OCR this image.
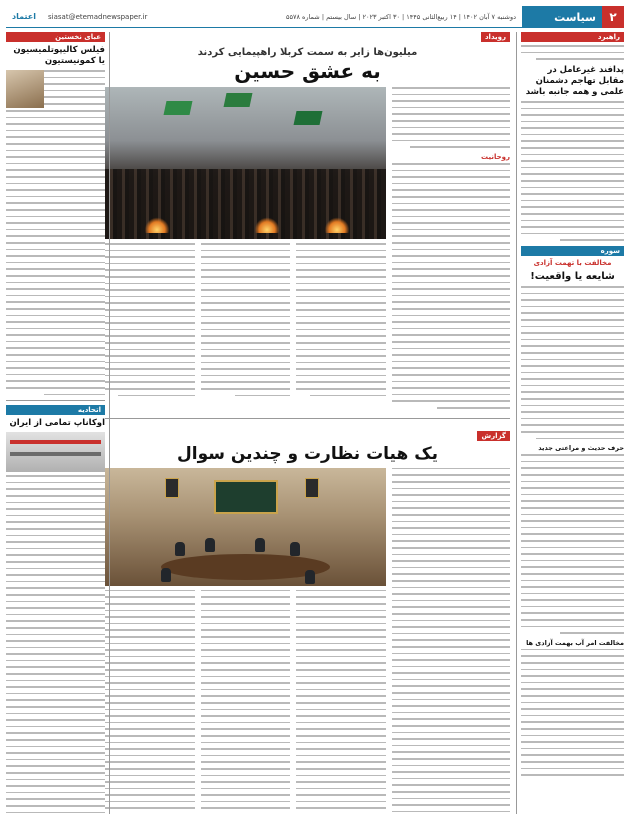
۲
سیاست
siasat@etemadnewspaper.ir	دوشنبه ۷ آبان ۱۴۰۲ | ۱۴ ربیع‌الثانی ۱۴۴۵ | ۳۰ اکتبر ۲۰۲۳ | سال بیستم | شماره ۵۵۷۸
اعتماد
راهبرد
پدافند غیرعامل در مقابل تهاجم دشمنان علمی و همه جانبه باشد
سوره
مخالفت با تهمت آزادی
شایعه یا واقعیت!
حرف حدیث و مراعتی جدید
مخالفت امر آب بهمت آزادی ها
رویداد
میلیون‌ها زایر به سمت کربلا راهپیمایی کردند
به عشق حسین
روحانیت
گزارش
یک هیات نظارت و چندین سوال
عبای نخستین
فیلس کالیپوتلمیسیون یا کمونیستیون
اتحادیه
اوکاناپ تمامی از ایران
